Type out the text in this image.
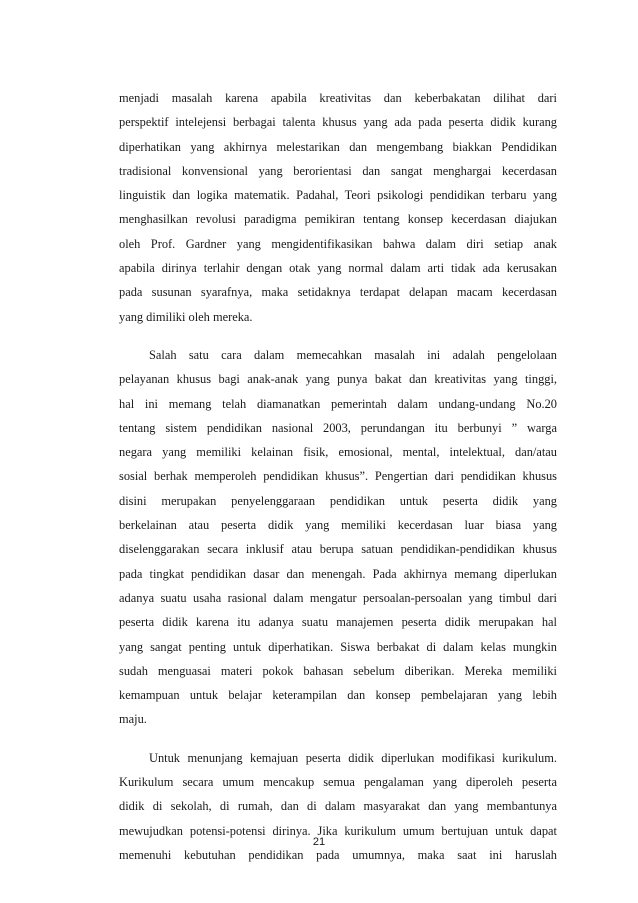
menjadi masalah karena apabila kreativitas dan keberbakatan dilihat dari
perspektif intelejensi berbagai talenta khusus yang ada pada peserta didik kurang
diperhatikan yang akhirnya melestarikan dan mengembang biakkan Pendidikan
tradisional konvensional yang berorientasi dan sangat menghargai kecerdasan
linguistik dan logika matematik. Padahal, Teori psikologi pendidikan terbaru yang
menghasilkan revolusi paradigma pemikiran tentang konsep kecerdasan diajukan
oleh Prof. Gardner yang mengidentifikasikan bahwa dalam diri setiap anak
apabila dirinya terlahir dengan otak yang normal dalam arti tidak ada kerusakan
pada susunan syarafnya, maka setidaknya terdapat delapan macam kecerdasan
yang dimiliki oleh mereka.
Salah satu cara dalam memecahkan masalah ini adalah pengelolaan
pelayanan khusus bagi anak-anak yang punya bakat dan kreativitas yang tinggi,
hal ini memang telah diamanatkan pemerintah dalam undang-undang No.20
tentang sistem pendidikan nasional 2003, perundangan itu berbunyi ” warga
negara yang memiliki kelainan fisik, emosional, mental, intelektual, dan/atau
sosial berhak memperoleh pendidikan khusus”. Pengertian dari pendidikan khusus
disini merupakan penyelenggaraan pendidikan untuk peserta didik yang
berkelainan atau peserta didik yang memiliki kecerdasan luar biasa yang
diselenggarakan secara inklusif atau berupa satuan pendidikan-pendidikan khusus
pada tingkat pendidikan dasar dan menengah. Pada akhirnya memang diperlukan
adanya suatu usaha rasional dalam mengatur persoalan-persoalan yang timbul dari
peserta didik karena itu adanya suatu manajemen peserta didik merupakan hal
yang sangat penting untuk diperhatikan. Siswa berbakat di dalam kelas mungkin
sudah menguasai materi pokok bahasan sebelum diberikan. Mereka memiliki
kemampuan untuk belajar keterampilan dan konsep pembelajaran yang lebih
maju.
Untuk menunjang kemajuan peserta didik diperlukan modifikasi kurikulum.
Kurikulum secara umum mencakup semua pengalaman yang diperoleh peserta
didik di sekolah, di rumah, dan di dalam masyarakat dan yang membantunya
mewujudkan potensi-potensi dirinya. Jika kurikulum umum bertujuan untuk dapat
memenuhi kebutuhan pendidikan pada umumnya, maka saat ini haruslah
21
